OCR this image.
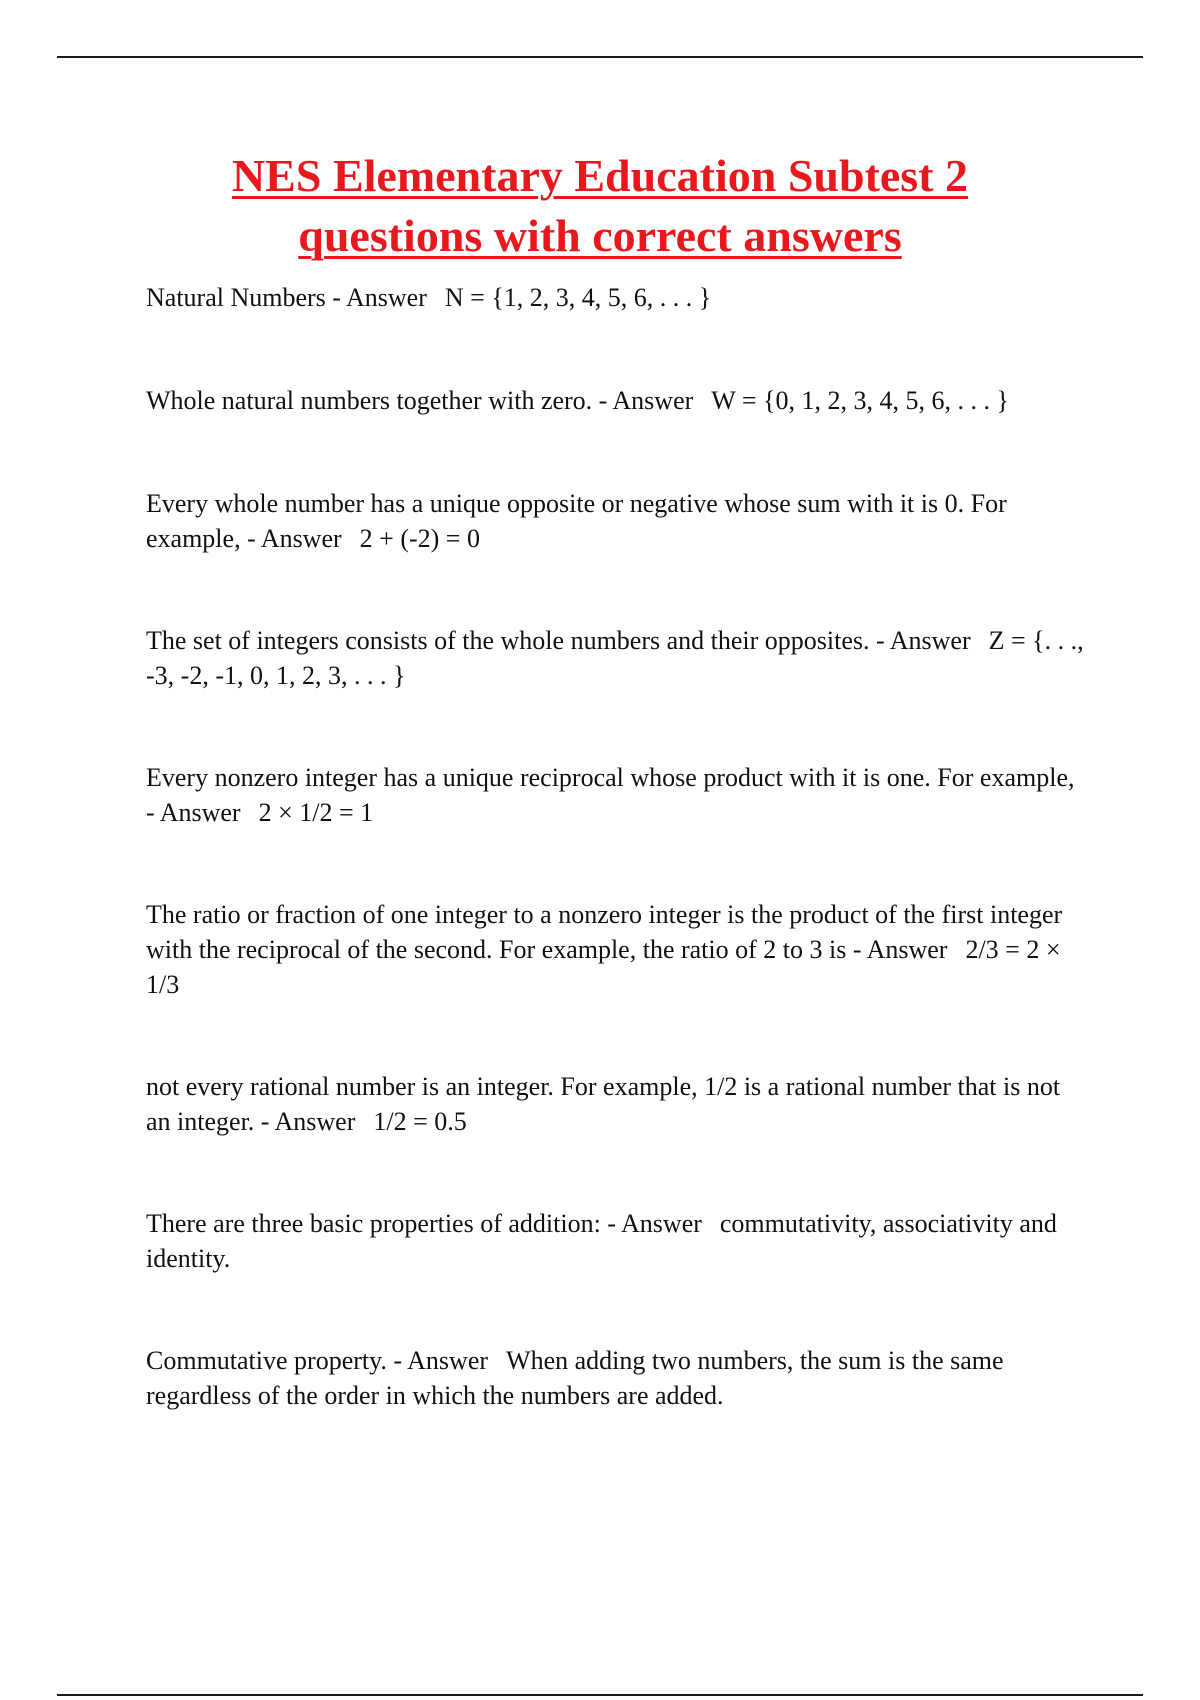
NES Elementary Education Subtest 2
questions with correct answers

Natural Numbers - Answer N = {1, 2, 3, 4, 5, 6, . . . }

Whole natural numbers together with zero. - Answer W = {0, 1, 2, 3, 4, 5, 6, . . . }

Every whole number has a unique opposite or negative whose sum with it is 0. For example, - Answer 2 + (-2) = 0

The set of integers consists of the whole numbers and their opposites. - Answer Z = {. . ., -3, -2, -1, 0, 1, 2, 3, . . . }

Every nonzero integer has a unique reciprocal whose product with it is one. For example, - Answer 2 × 1/2 = 1

The ratio or fraction of one integer to a nonzero integer is the product of the first integer with the reciprocal of the second. For example, the ratio of 2 to 3 is - Answer 2/3 = 2 × 1/3

not every rational number is an integer. For example, 1/2 is a rational number that is not an integer. - Answer 1/2 = 0.5

There are three basic properties of addition: - Answer commutativity, associativity and identity.

Commutative property. - Answer When adding two numbers, the sum is the same regardless of the order in which the numbers are added.
